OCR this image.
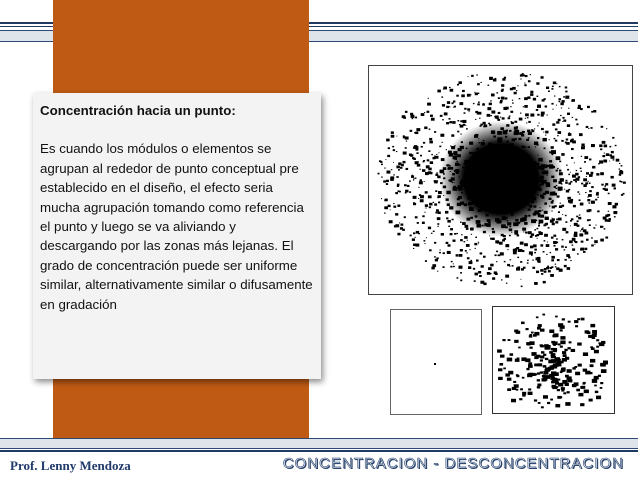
Concentración hacia un punto:

Es cuando los módulos o elementos se agrupan al rededor de punto conceptual pre establecido en el diseño, el efecto seria mucha agrupación tomando como referencia el punto y luego se va aliviando y descargando por las zonas más lejanas. El grado de concentración puede ser uniforme similar, alternativamente similar o difusamente en gradación

Prof. Lenny Mendoza	CONCENTRACION - DESCONCENTRACION
